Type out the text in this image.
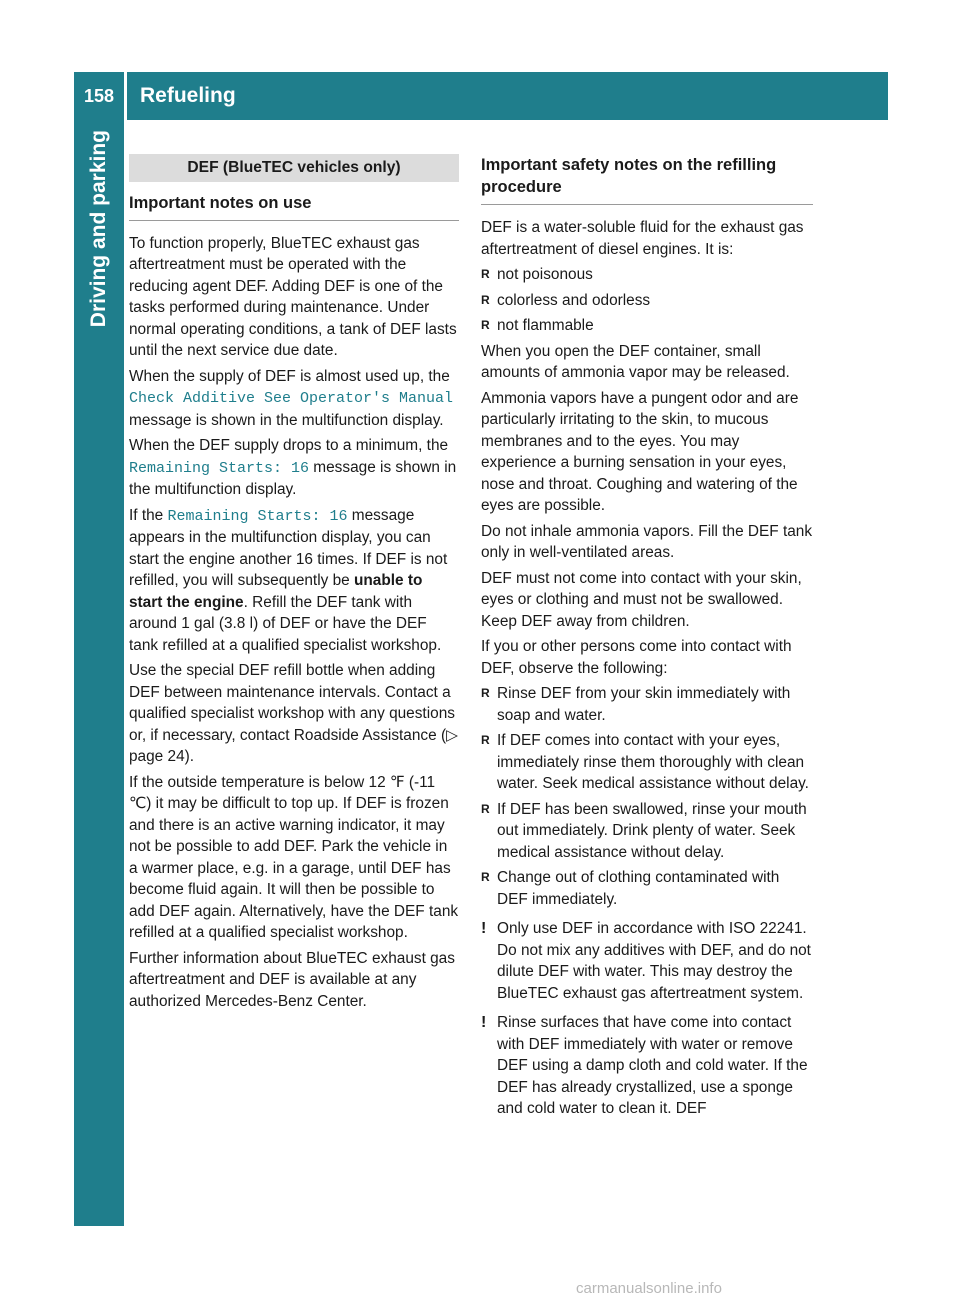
158	Refueling
Driving and parking	DEF (BlueTEC vehicles only)
Important notes on use

To function properly, BlueTEC exhaust gas aftertreatment must be operated with the reducing agent DEF. Adding DEF is one of the tasks performed during maintenance. Under normal operating conditions, a tank of DEF lasts until the next service due date.

When the supply of DEF is almost used up, the Check Additive See Operator's Manual message is shown in the multifunction display.

When the DEF supply drops to a minimum, the Remaining Starts: 16 message is shown in the multifunction display.

If the Remaining Starts: 16 message appears in the multifunction display, you can start the engine another 16 times. If DEF is not refilled, you will subsequently be unable to start the engine. Refill the DEF tank with around 1 gal (3.8 l) of DEF or have the DEF tank refilled at a qualified specialist workshop.

Use the special DEF refill bottle when adding DEF between maintenance intervals. Contact a qualified specialist workshop with any questions or, if necessary, contact Roadside Assistance (▷ page 24).

If the outside temperature is below 12 ℉ (‑11 ℃) it may be difficult to top up. If DEF is frozen and there is an active warning indicator, it may not be possible to add DEF. Park the vehicle in a warmer place, e.g. in a garage, until DEF has become fluid again. It will then be possible to add DEF again. Alternatively, have the DEF tank refilled at a qualified specialist workshop.

Further information about BlueTEC exhaust gas aftertreatment and DEF is available at any authorized Mercedes-Benz Center.

Important safety notes on the refilling procedure

DEF is a water-soluble fluid for the exhaust gas aftertreatment of diesel engines. It is:

R not poisonous
R colorless and odorless
R not flammable

When you open the DEF container, small amounts of ammonia vapor may be released.

Ammonia vapors have a pungent odor and are particularly irritating to the skin, to mucous membranes and to the eyes. You may experience a burning sensation in your eyes, nose and throat. Coughing and watering of the eyes are possible.

Do not inhale ammonia vapors. Fill the DEF tank only in well-ventilated areas.

DEF must not come into contact with your skin, eyes or clothing and must not be swallowed. Keep DEF away from children.

If you or other persons come into contact with DEF, observe the following:

R Rinse DEF from your skin immediately with soap and water.
R If DEF comes into contact with your eyes, immediately rinse them thoroughly with clean water. Seek medical assistance without delay.
R If DEF has been swallowed, rinse your mouth out immediately. Drink plenty of water. Seek medical assistance without delay.
R Change out of clothing contaminated with DEF immediately.
! Only use DEF in accordance with ISO 22241. Do not mix any additives with DEF, and do not dilute DEF with water. This may destroy the BlueTEC exhaust gas aftertreatment system.
! Rinse surfaces that have come into contact with DEF immediately with water or remove DEF using a damp cloth and cold water. If the DEF has already crystallized, use a sponge and cold water to clean it. DEF
carmanualsonline.info
